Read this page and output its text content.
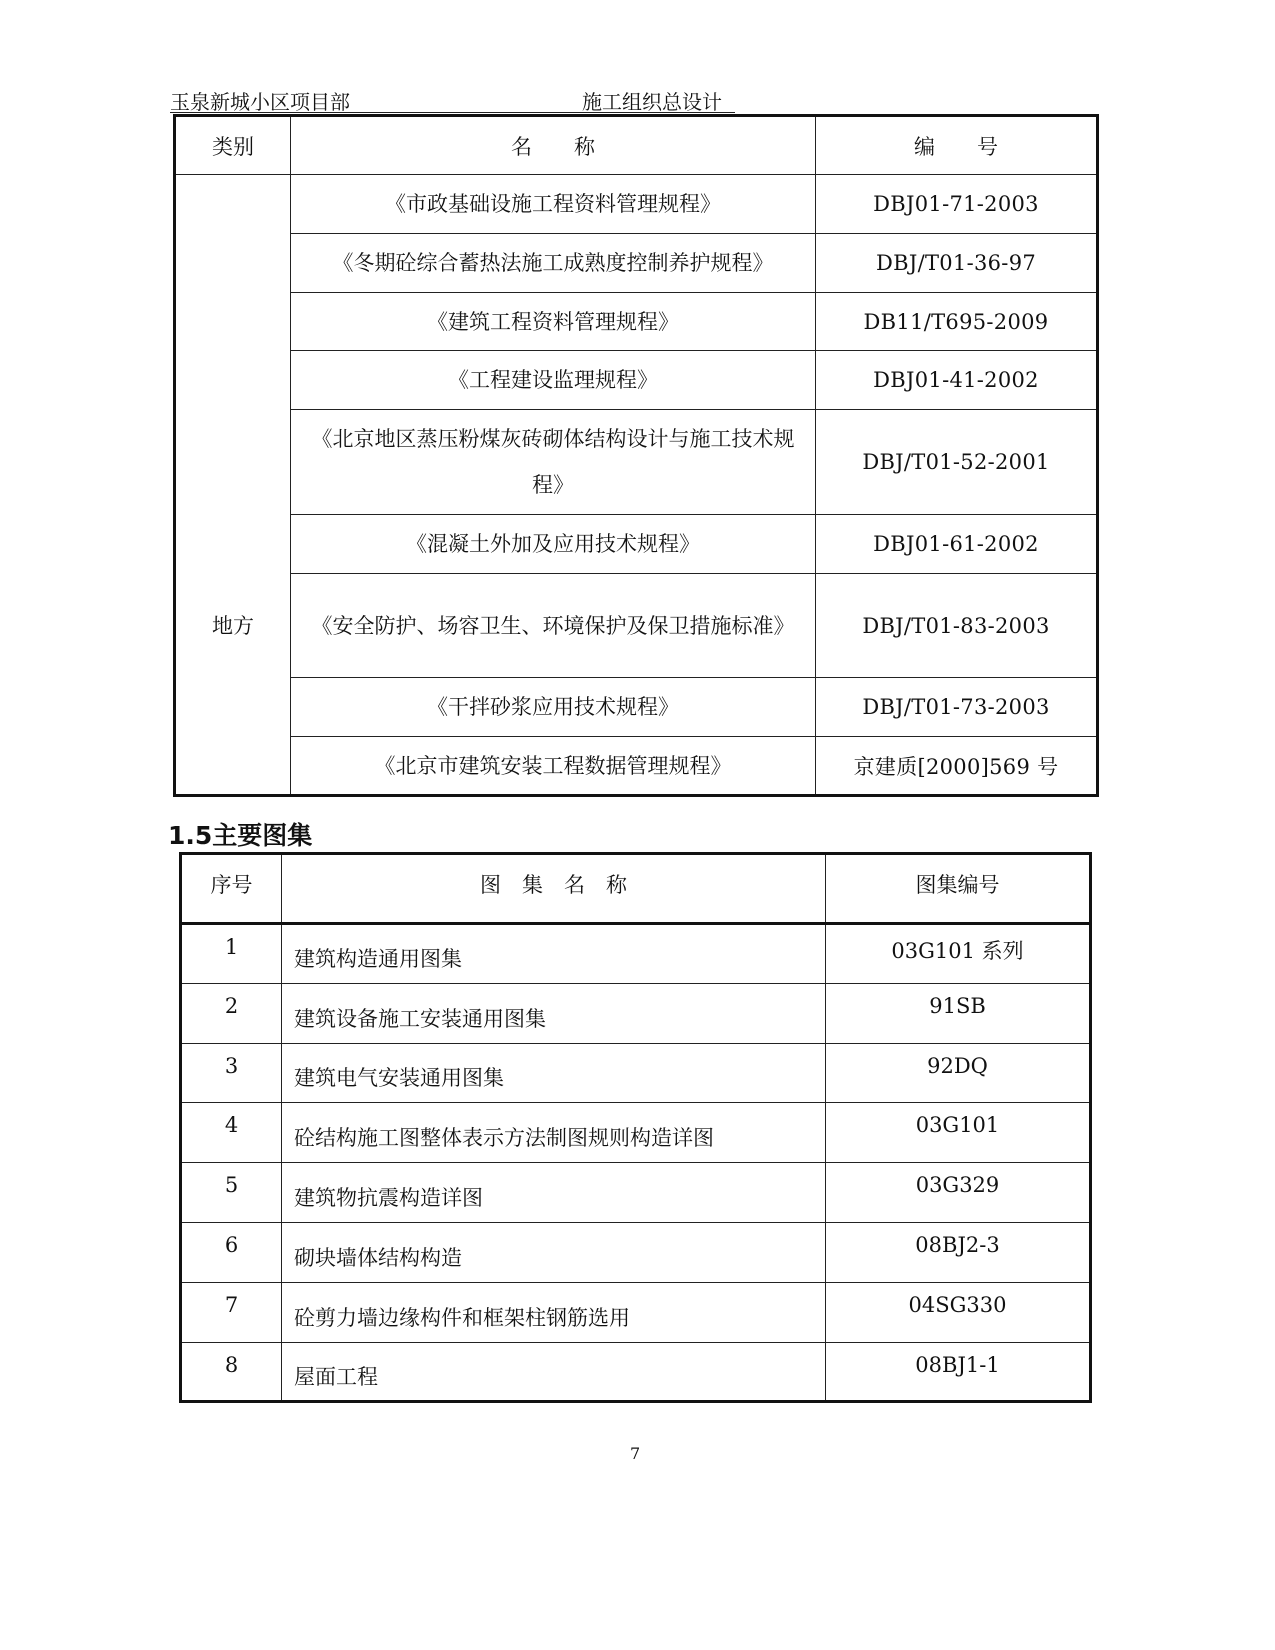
玉泉新城小区项目部	施工组织总设计
类别	名　　称	编　　号
地方	《市政基础设施工程资料管理规程》	DBJ01-71-2003
	《冬期砼综合蓄热法施工成熟度控制养护规程》	DBJ/T01-36-97
	《建筑工程资料管理规程》	DB11/T695-2009
	《工程建设监理规程》	DBJ01-41-2002
	《北京地区蒸压粉煤灰砖砌体结构设计与施工技术规程》	DBJ/T01-52-2001
	《混凝土外加及应用技术规程》	DBJ01-61-2002
	《安全防护、场容卫生、环境保护及保卫措施标准》	DBJ/T01-83-2003
	《干拌砂浆应用技术规程》	DBJ/T01-73-2003
	《北京市建筑安装工程数据管理规程》	京建质[2000]569 号
1.5主要图集
序号	图　集　名　称	图集编号
1	建筑构造通用图集	03G101 系列
2	建筑设备施工安装通用图集	91SB
3	建筑电气安装通用图集	92DQ
4	砼结构施工图整体表示方法制图规则构造详图	03G101
5	建筑物抗震构造详图	03G329
6	砌块墙体结构构造	08BJ2-3
7	砼剪力墙边缘构件和框架柱钢筋选用	04SG330
8	屋面工程	08BJ1-1
7
